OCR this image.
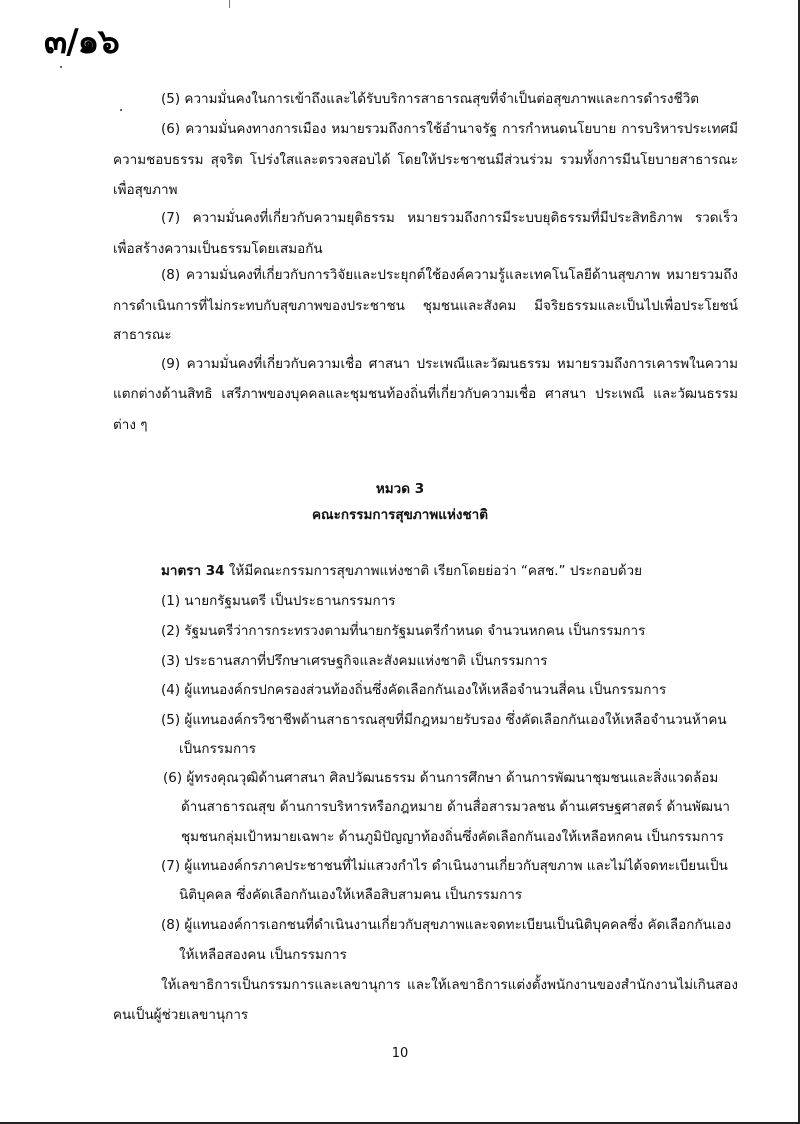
๓/๑๖
(5) ความมั่นคงในการเข้าถึงและได้รับบริการสาธารณสุขที่จำเป็นต่อสุขภาพและการดำรงชีวิต
(6) ความมั่นคงทางการเมือง หมายรวมถึงการใช้อำนาจรัฐ การกำหนดนโยบาย การบริหารประเทศมี
ความชอบธรรม สุจริต โปร่งใสและตรวจสอบได้ โดยให้ประชาชนมีส่วนร่วม รวมทั้งการมีนโยบายสาธารณะ
เพื่อสุขภาพ
(7) ความมั่นคงที่เกี่ยวกับความยุติธรรม หมายรวมถึงการมีระบบยุติธรรมที่มีประสิทธิภาพ รวดเร็ว
เพื่อสร้างความเป็นธรรมโดยเสมอกัน
(8) ความมั่นคงที่เกี่ยวกับการวิจัยและประยุกต์ใช้องค์ความรู้และเทคโนโลยีด้านสุขภาพ หมายรวมถึง
การดำเนินการที่ไม่กระทบกับสุขภาพของประชาชน ชุมชนและสังคม มีจริยธรรมและเป็นไปเพื่อประโยชน์
สาธารณะ
(9) ความมั่นคงที่เกี่ยวกับความเชื่อ ศาสนา ประเพณีและวัฒนธรรม หมายรวมถึงการเคารพในความ
แตกต่างด้านสิทธิ เสรีภาพของบุคคลและชุมชนท้องถิ่นที่เกี่ยวกับความเชื่อ ศาสนา ประเพณี และวัฒนธรรม
ต่าง ๆ
หมวด 3
คณะกรรมการสุขภาพแห่งชาติ
มาตรา 34 ให้มีคณะกรรมการสุขภาพแห่งชาติ เรียกโดยย่อว่า “คสช.” ประกอบด้วย
(1) นายกรัฐมนตรี เป็นประธานกรรมการ
(2) รัฐมนตรีว่าการกระทรวงตามที่นายกรัฐมนตรีกำหนด จำนวนหกคน เป็นกรรมการ
(3) ประธานสภาที่ปรึกษาเศรษฐกิจและสังคมแห่งชาติ เป็นกรรมการ
(4) ผู้แทนองค์กรปกครองส่วนท้องถิ่นซึ่งคัดเลือกกันเองให้เหลือจำนวนสี่คน เป็นกรรมการ
(5) ผู้แทนองค์กรวิชาชีพด้านสาธารณสุขที่มีกฎหมายรับรอง ซึ่งคัดเลือกกันเองให้เหลือจำนวนห้าคน
เป็นกรรมการ
(6) ผู้ทรงคุณวุฒิด้านศาสนา ศิลปวัฒนธรรม ด้านการศึกษา ด้านการพัฒนาชุมชนและสิ่งแวดล้อม
ด้านสาธารณสุข ด้านการบริหารหรือกฎหมาย ด้านสื่อสารมวลชน ด้านเศรษฐศาสตร์ ด้านพัฒนา
ชุมชนกลุ่มเป้าหมายเฉพาะ ด้านภูมิปัญญาท้องถิ่นซึ่งคัดเลือกกันเองให้เหลือหกคน เป็นกรรมการ
(7) ผู้แทนองค์กรภาคประชาชนที่ไม่แสวงกำไร ดำเนินงานเกี่ยวกับสุขภาพ และไม่ได้จดทะเบียนเป็น
นิติบุคคล ซึ่งคัดเลือกกันเองให้เหลือสิบสามคน เป็นกรรมการ
(8) ผู้แทนองค์การเอกชนที่ดำเนินงานเกี่ยวกับสุขภาพและจดทะเบียนเป็นนิติบุคคลซึ่ง คัดเลือกกันเอง
ให้เหลือสองคน เป็นกรรมการ
ให้เลขาธิการเป็นกรรมการและเลขานุการ และให้เลขาธิการแต่งตั้งพนักงานของสำนักงานไม่เกินสอง
คนเป็นผู้ช่วยเลขานุการ
10
